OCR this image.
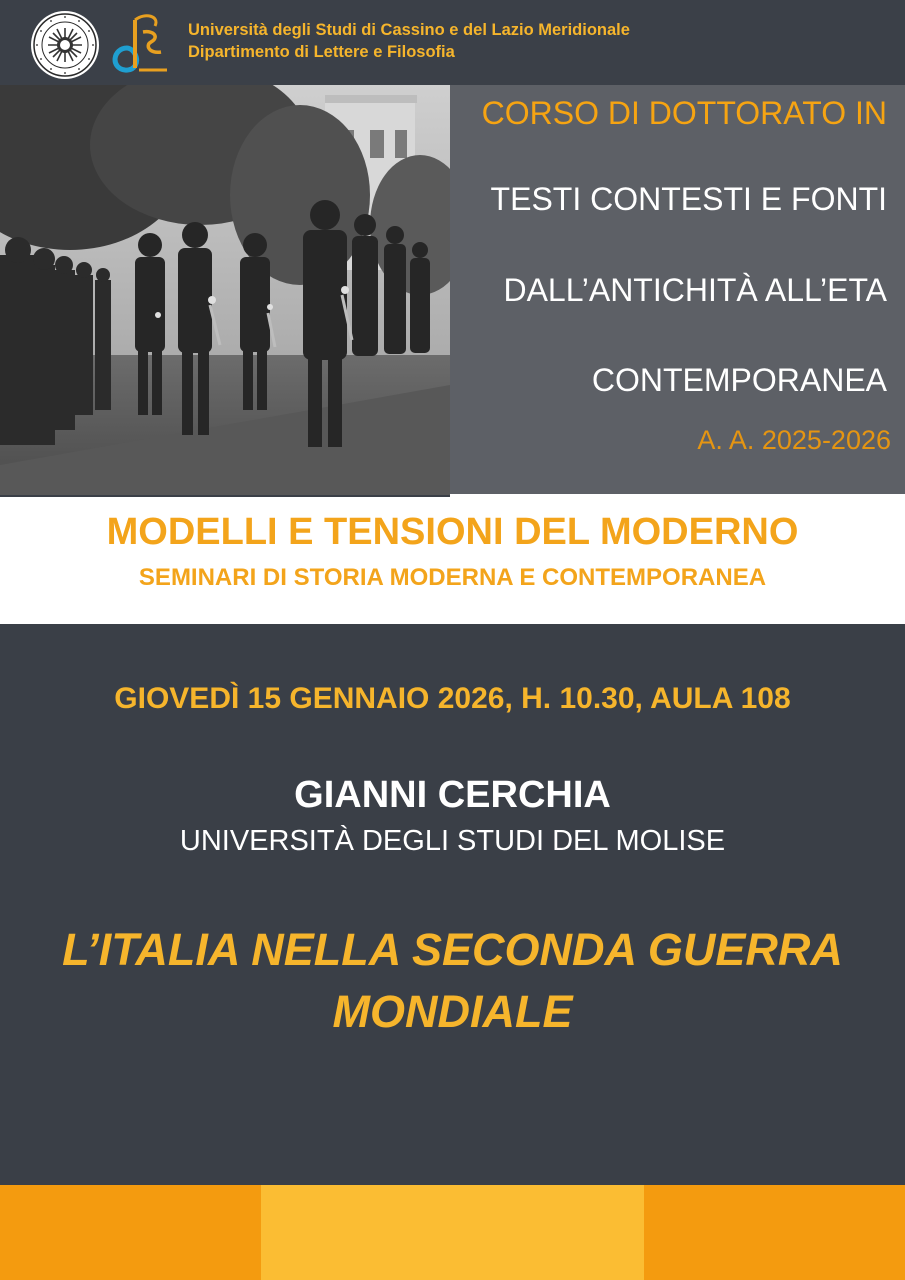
Università degli Studi di Cassino e del Lazio Meridionale
Dipartimento di Lettere e Filosofia
CORSO DI DOTTORATO IN
TESTI CONTESTI E FONTI
DALL’ANTICHITÀ ALL’ETA
CONTEMPORANEA
A. A. 2025-2026
MODELLI E TENSIONI DEL MODERNO
SEMINARI DI STORIA MODERNA E CONTEMPORANEA
GIOVEDÌ 15 GENNAIO 2026, H. 10.30, AULA 108
GIANNI CERCHIA
UNIVERSITÀ DEGLI STUDI DEL MOLISE
L’ITALIA NELLA SECONDA GUERRA
MONDIALE
